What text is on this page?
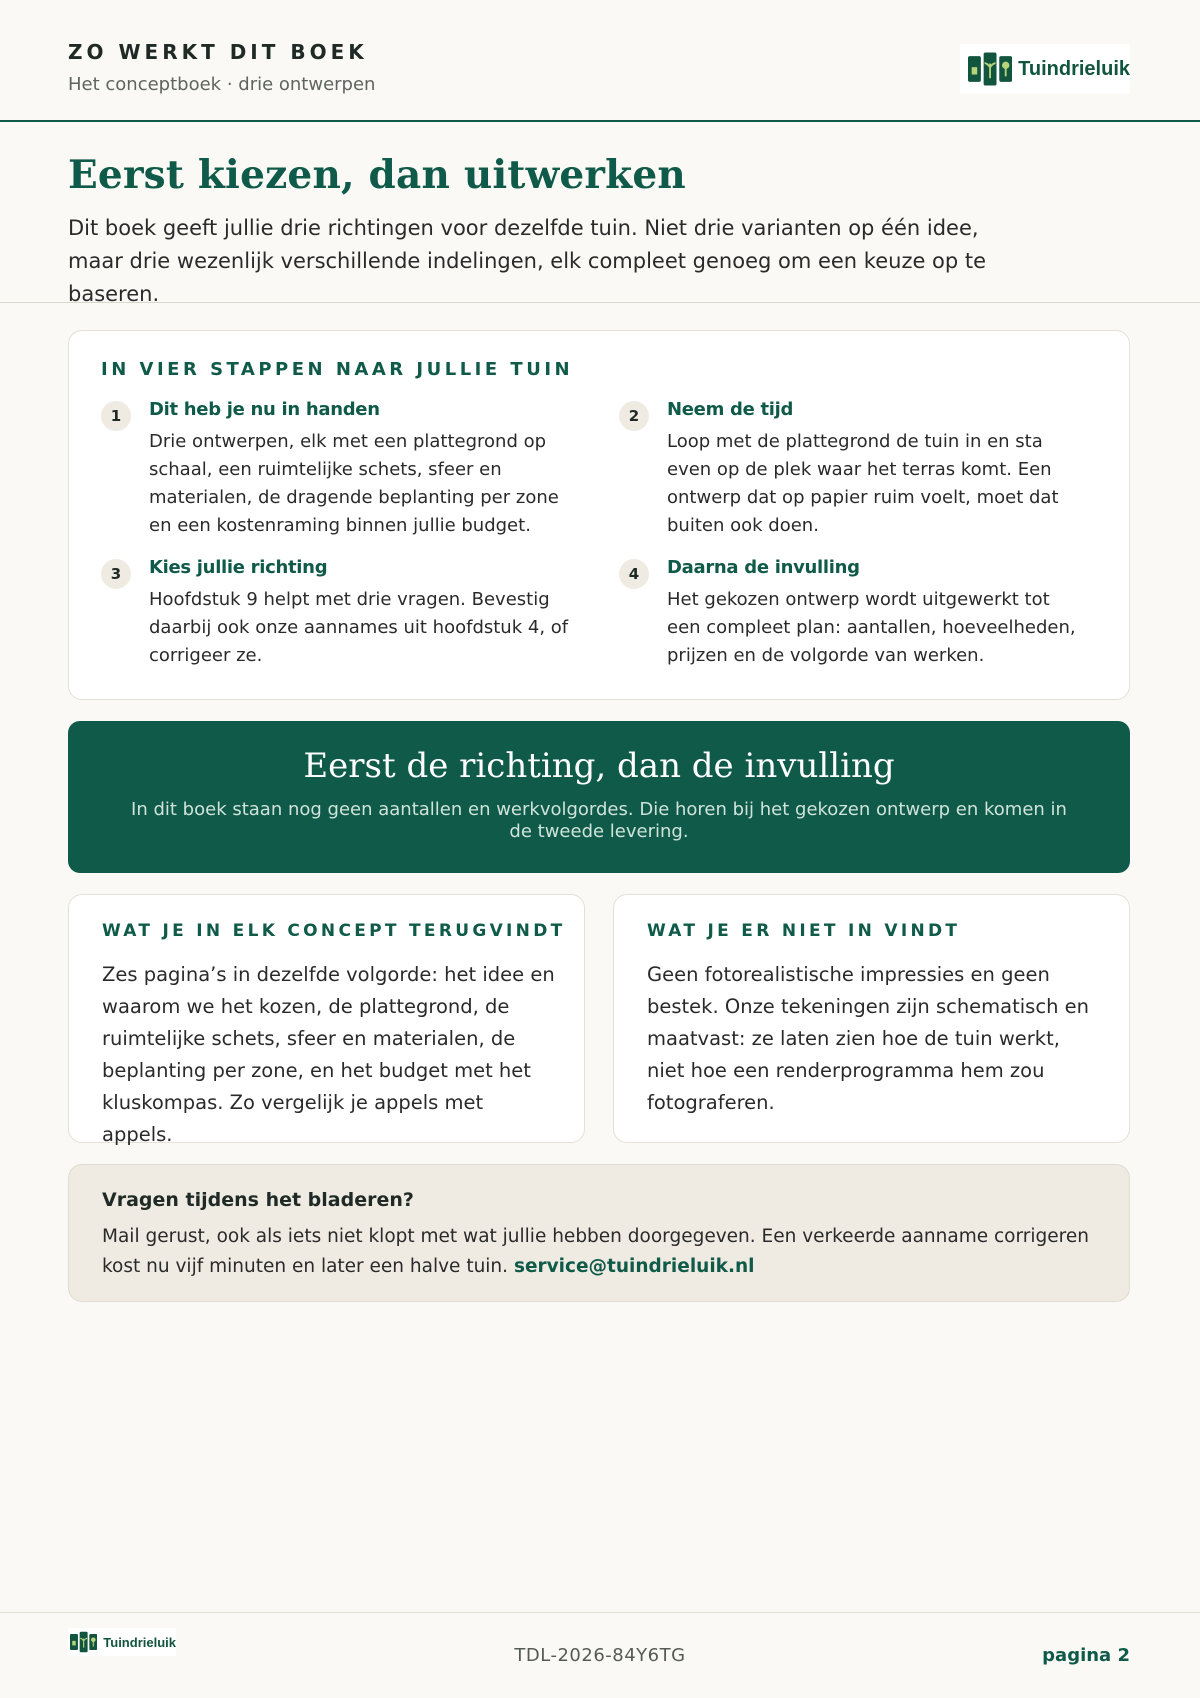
ZO WERKT DIT BOEK
Het conceptboek · drie ontwerpen
Tuindrieluik
Eerst kiezen, dan uitwerken

Dit boek geeft jullie drie richtingen voor dezelfde tuin. Niet drie varianten op één idee, maar drie wezenlijk verschillende indelingen, elk compleet genoeg om een keuze op te baseren.

IN VIER STAPPEN NAAR JULLIE TUIN
1	Dit heb je nu in handen
Drie ontwerpen, elk met een plattegrond op schaal, een ruimtelijke schets, sfeer en materialen, de dragende beplanting per zone en een kostenraming binnen jullie budget.
2	Neem de tijd
Loop met de plattegrond de tuin in en sta even op de plek waar het terras komt. Een ontwerp dat op papier ruim voelt, moet dat buiten ook doen.
3	Kies jullie richting
Hoofdstuk 9 helpt met drie vragen. Bevestig daarbij ook onze aannames uit hoofdstuk 4, of corrigeer ze.
4	Daarna de invulling
Het gekozen ontwerp wordt uitgewerkt tot een compleet plan: aantallen, hoeveelheden, prijzen en de volgorde van werken.
Eerst de richting, dan de invulling

In dit boek staan nog geen aantallen en werkvolgordes. Die horen bij het gekozen ontwerp en komen in de tweede levering.

WAT JE IN ELK CONCEPT TERUGVINDT
Zes pagina’s in dezelfde volgorde: het idee en waarom we het kozen, de plattegrond, de ruimtelijke schets, sfeer en materialen, de beplanting per zone, en het budget met het kluskompas. Zo vergelijk je appels met appels.
WAT JE ER NIET IN VINDT
Geen fotorealistische impressies en geen bestek. Onze tekeningen zijn schematisch en maatvast: ze laten zien hoe de tuin werkt, niet hoe een renderprogramma hem zou fotograferen.
Vragen tijdens het bladeren?
Mail gerust, ook als iets niet klopt met wat jullie hebben doorgegeven. Een verkeerde aanname corrigeren kost nu vijf minuten en later een halve tuin. service@tuindrieluik.nl
Tuindrieluik
TDL-2026-84Y6TG	pagina 2
